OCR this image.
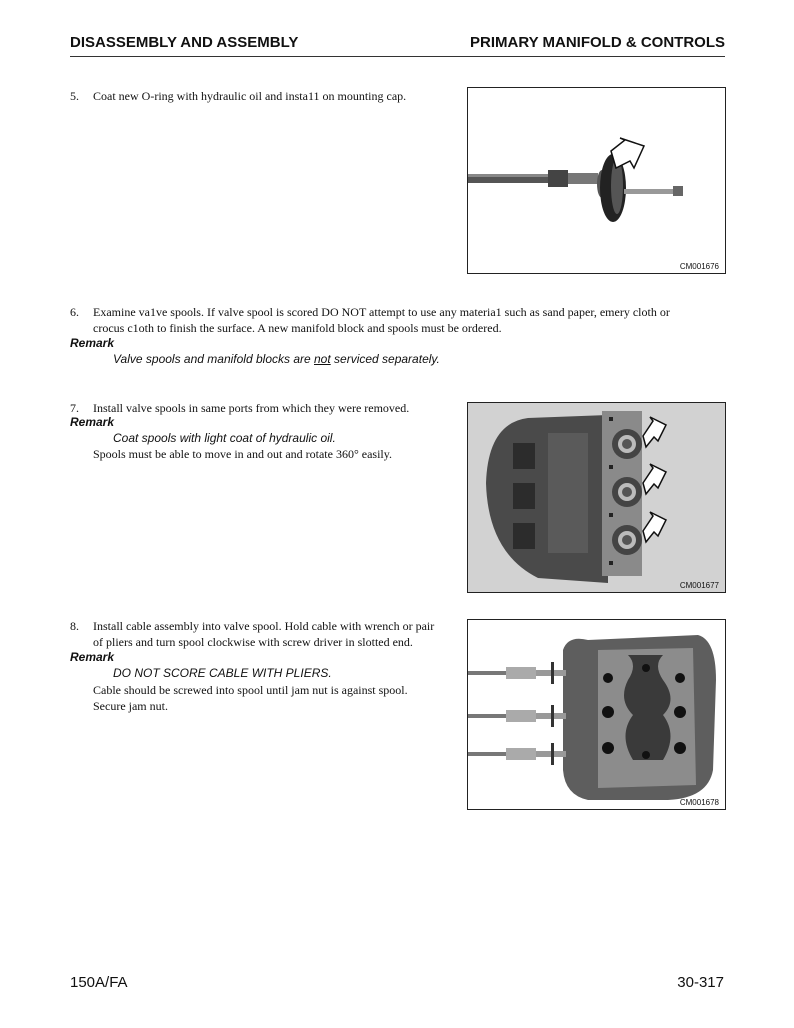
DISASSEMBLY AND ASSEMBLY	PRIMARY MANIFOLD & CONTROLS
5. Coat new O-ring with hydraulic oil and insta11 on mounting cap.
CM001676
6. Examine va1ve spools. If valve spool is scored DO NOT attempt to use any materia1 such as sand paper, emery cloth or
crocus c1oth to finish the surface. A new manifold block and spools must be ordered.
Remark
Valve spools and manifold blocks are not serviced separately.
7. Install valve spools in same ports from which they were removed.
Remark
Coat spools with light coat of hydraulic oil.
Spools must be able to move in and out and rotate 360° easily.
CM001677
8. Install cable assembly into valve spool. Hold cable with wrench or pair
of pliers and turn spool clockwise with screw driver in slotted end.
Remark
DO NOT SCORE CABLE WITH PLIERS.
Cable should be screwed into spool until jam nut is against spool.
Secure jam nut.
CM001678
150A/FA	30-317
